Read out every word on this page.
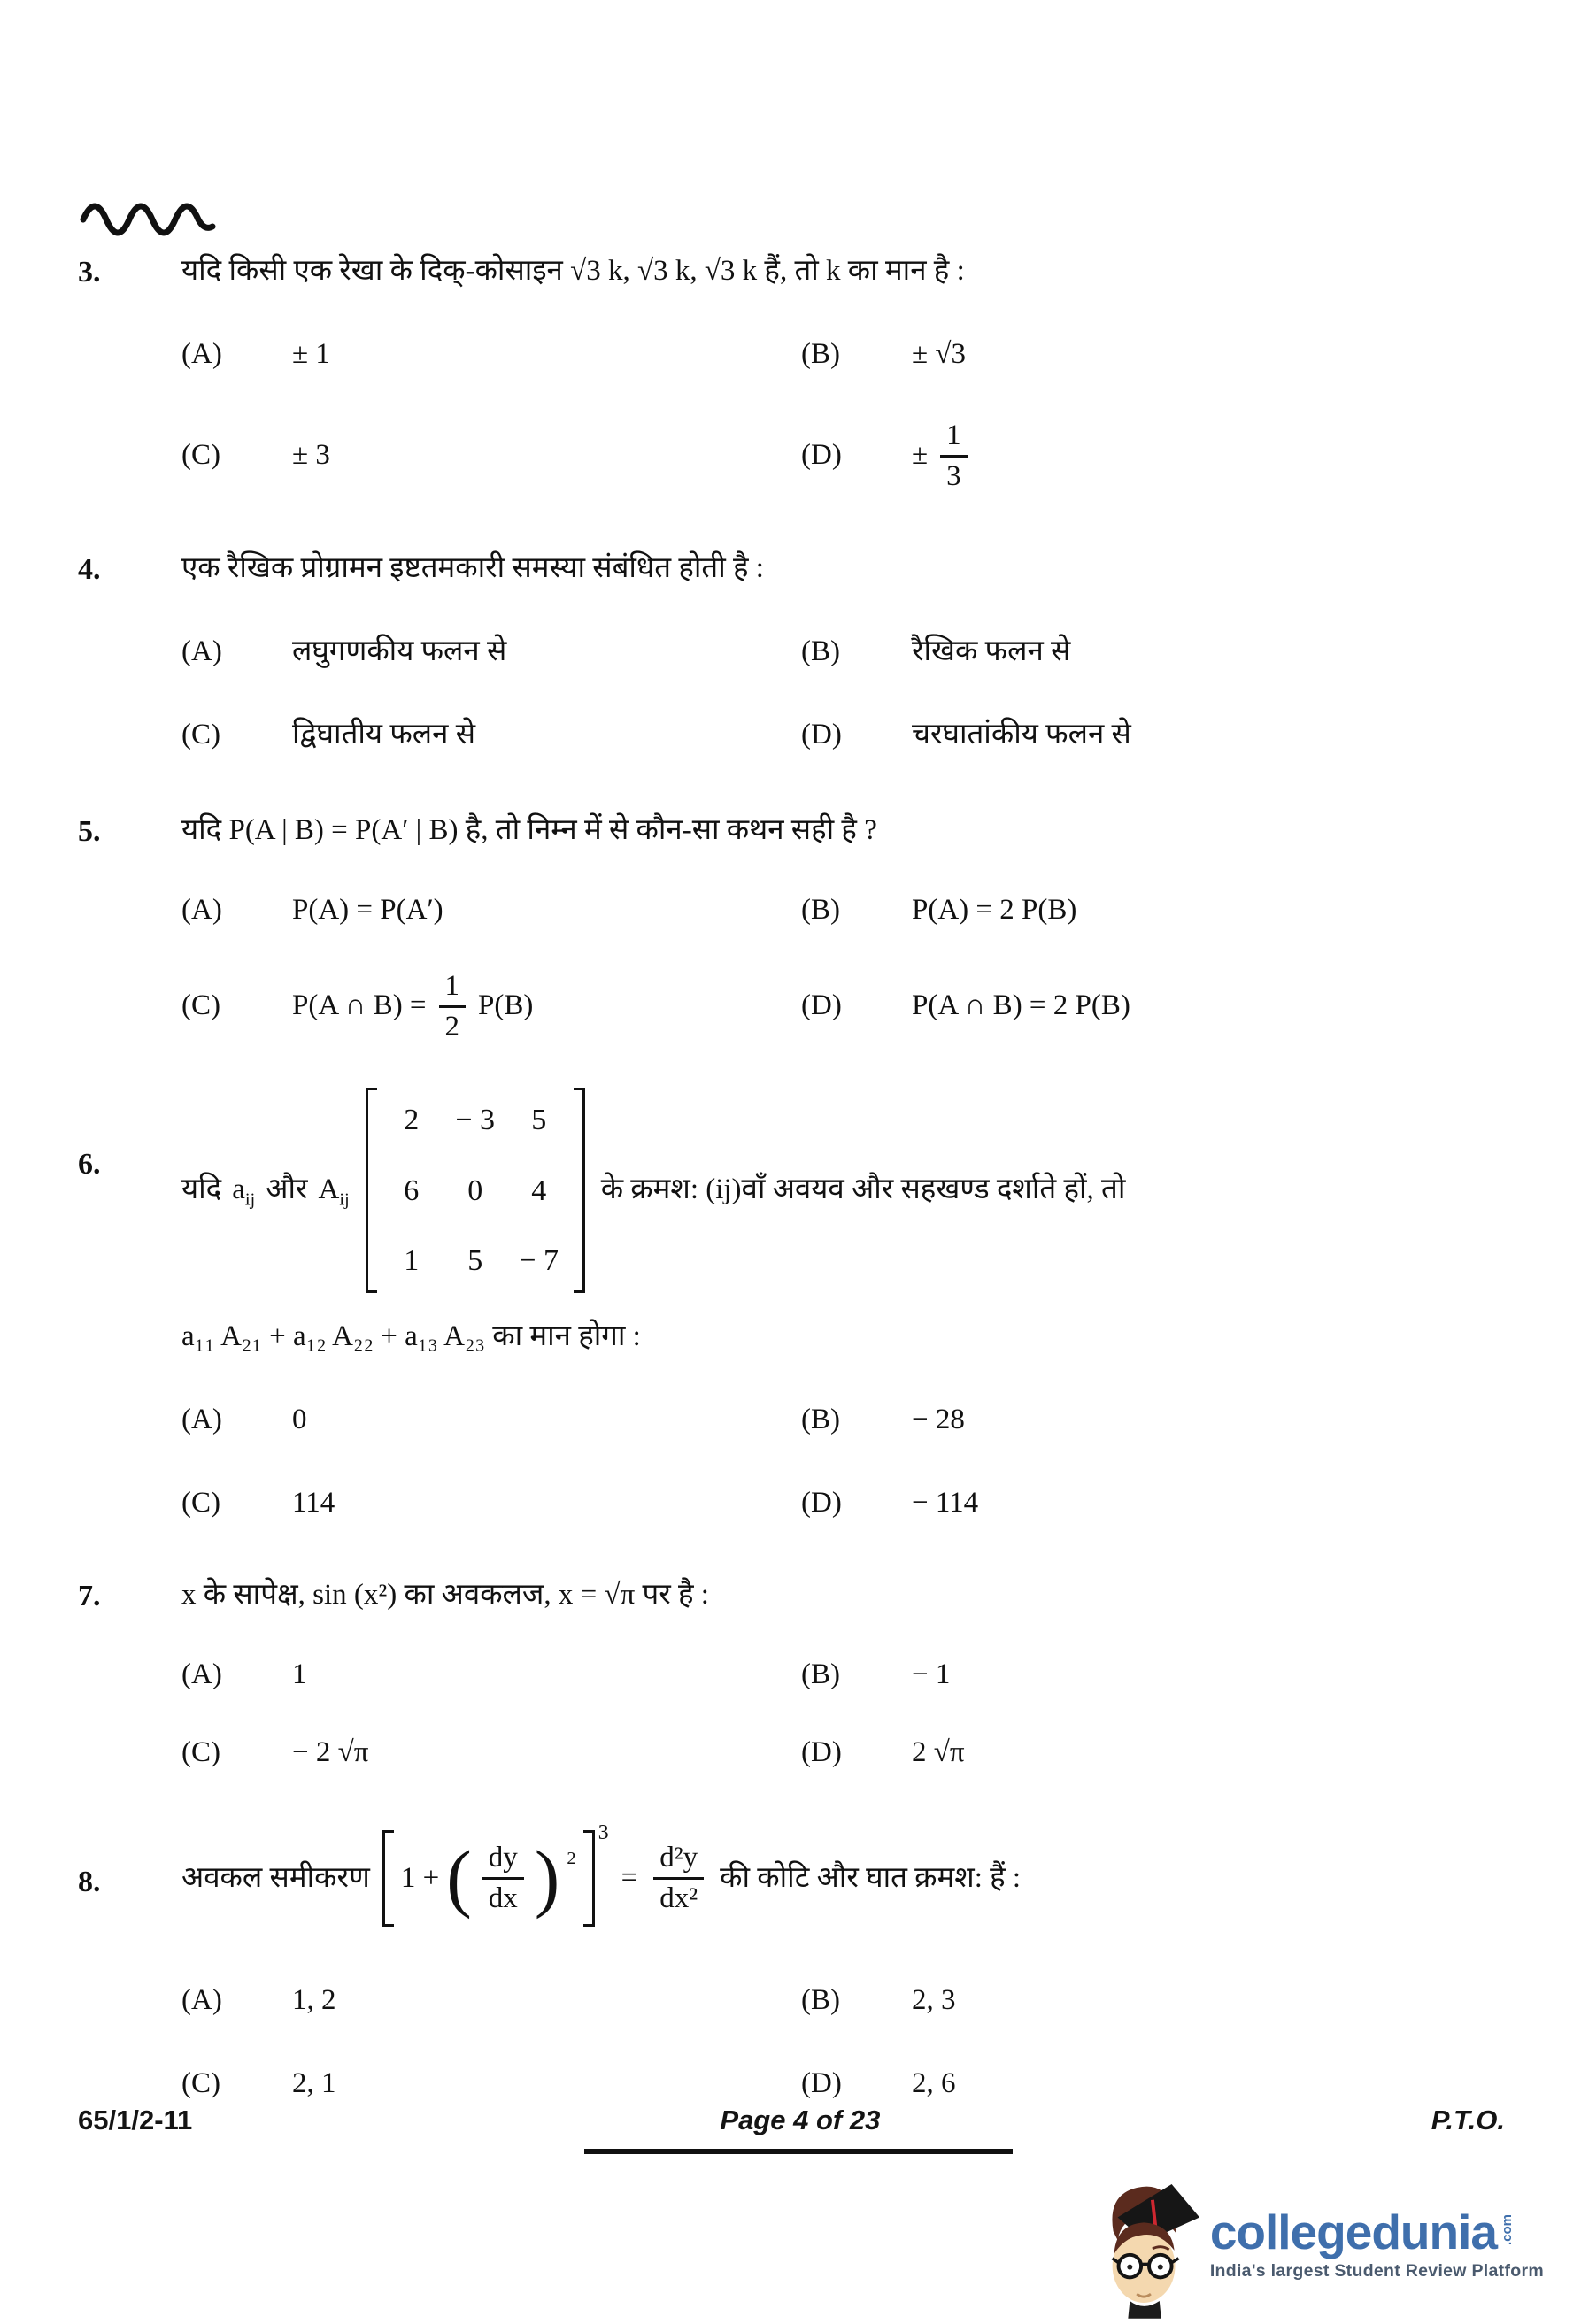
3.	यदि किसी एक रेखा के दिक्-कोसाइन √3 k, √3 k, √3 k हैं, तो k का मान है :
(A)	± 1	(B)	± √3
(C)	± 3	(D)	± $\frac{1}{3}$
4.	एक रैखिक प्रोग्रामन इष्टतमकारी समस्या संबंधित होती है :
(A)	लघुगणकीय फलन से	(B)	रैखिक फलन से
(C)	द्विघातीय फलन से	(D)	चरघातांकीय फलन से
5.	यदि P(A | B) = P(A′ | B) है, तो निम्न में से कौन-सा कथन सही है ?
(A)	P(A) = P(A′)	(B)	P(A) = 2 P(B)
(C)	P(A ∩ $B) = \frac{1}{2} P(B)$	(D)	P(A ∩ B) = 2 P(B)
6.
यदि $a_{ij}$ और $A_{ij}$
2 − 3 5
6 0 4
1 5 − 7
के क्रमश: (ij)वाँ अवयव और सहखण्ड दर्शाते हों, तो
a₁₁ A₂₁ + a₁₂ A₂₂ + a₁₃ A₂₃ का मान होगा :
(A)	0	(B)	− 28
(C)	114	(D)	− 114
7.	x के सापेक्ष, sin (x²) का अवकलज, x = √π पर है :
(A)	1	(B)	− 1
(C)	− 2 √π	(D)	2 √π
8.	अवकल समीकरण 1 + ( $\frac{dy}{dx}$ ) $^2$
3
= $\frac{\text{d²y}}{\text{dx²}}$ की कोटि और घात क्रमश: हैं :
(A)	1, 2	(B)	2, 3
(C)	2, 1	(D)	2, 6
65/1/2-11	Page 4 of 23	P.T.O.
collegedunia .com
India's largest Student Review Platform
